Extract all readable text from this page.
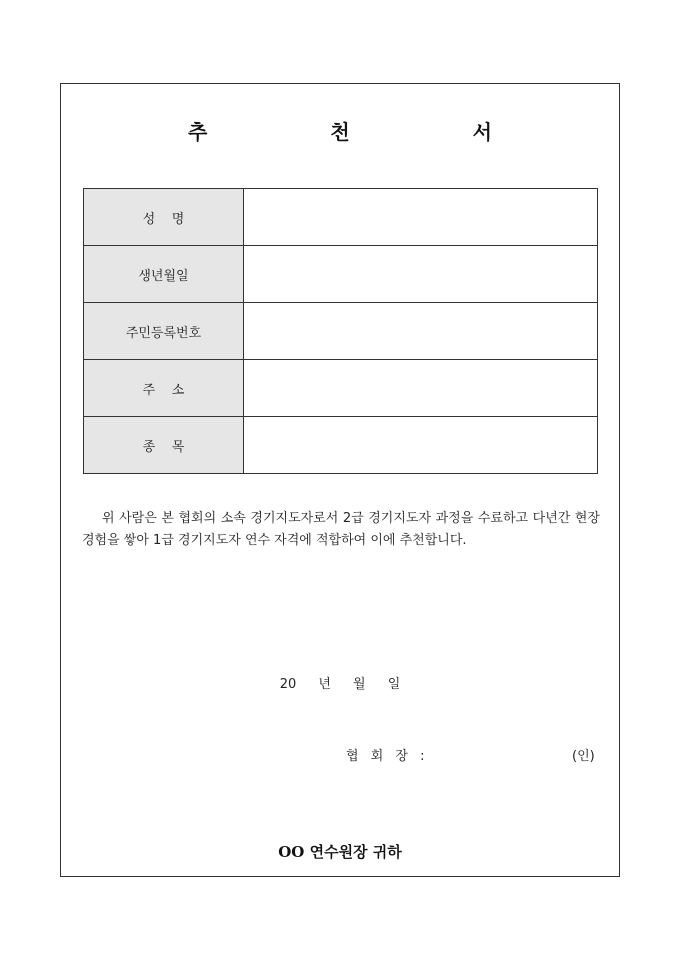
추 천 서
성    명	
생년월일	
주민등록번호	
주    소	
종    목	
위 사람은 본 협회의 소속 경기지도자로서 2급 경기지도자 과정을 수료하고 다년간 현장경험을 쌓아 1급 경기지도자 연수 자격에 적합하여 이에 추천합니다.
20 년 월 일
협 회 장 :	(인)
OO 연수원장 귀하
